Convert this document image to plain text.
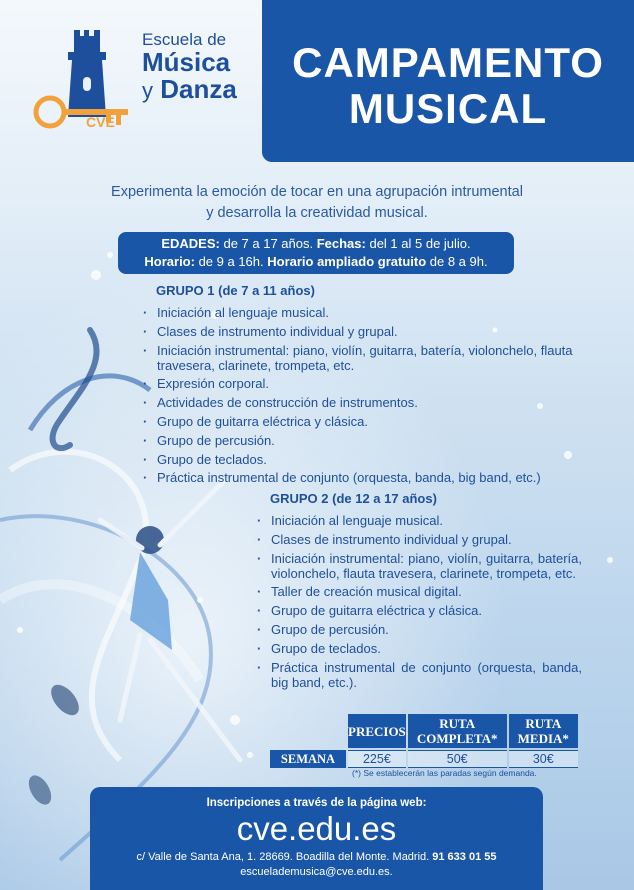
CVE
Escuela de
Música
y Danza
CAMPAMENTO
MUSICAL
Experimenta la emoción de tocar en una agrupación intrumental
y desarrolla la creatividad musical.
EDADES: de 7 a 17 años. Fechas: del 1 al 5 de julio.
Horario: de 9 a 16h. Horario ampliado gratuito de 8 a 9h.
GRUPO 1 (de 7 a 11 años)
· Iniciación al lenguaje musical.
· Clases de instrumento individual y grupal.
· Iniciación instrumental: piano, violín, guitarra, batería, violonchelo, flauta travesera, clarinete, trompeta, etc.
· Expresión corporal.
· Actividades de construcción de instrumentos.
· Grupo de guitarra eléctrica y clásica.
· Grupo de percusión.
· Grupo de teclados.
· Práctica instrumental de conjunto (orquesta, banda, big band, etc.)
GRUPO 2 (de 12 a 17 años)
· Iniciación al lenguaje musical.
· Clases de instrumento individual y grupal.
· Iniciación instrumental: piano, violín, guitarra, batería, violonchelo, flauta travesera, clarinete, trompeta, etc.
· Taller de creación musical digital.
· Grupo de guitarra eléctrica y clásica.
· Grupo de percusión.
· Grupo de teclados.
· Práctica instrumental de conjunto (orquesta, banda, big band, etc.).
	PRECIOS	RUTA COMPLETA*	RUTA MEDIA*
SEMANA	225€	50€	30€
(*) Se establecerán las paradas según demanda.
Inscripciones a través de la página web:
cve.edu.es
c/ Valle de Santa Ana, 1. 28669. Boadilla del Monte. Madrid. 91 633 01 55
escuelademusica@cve.edu.es.
